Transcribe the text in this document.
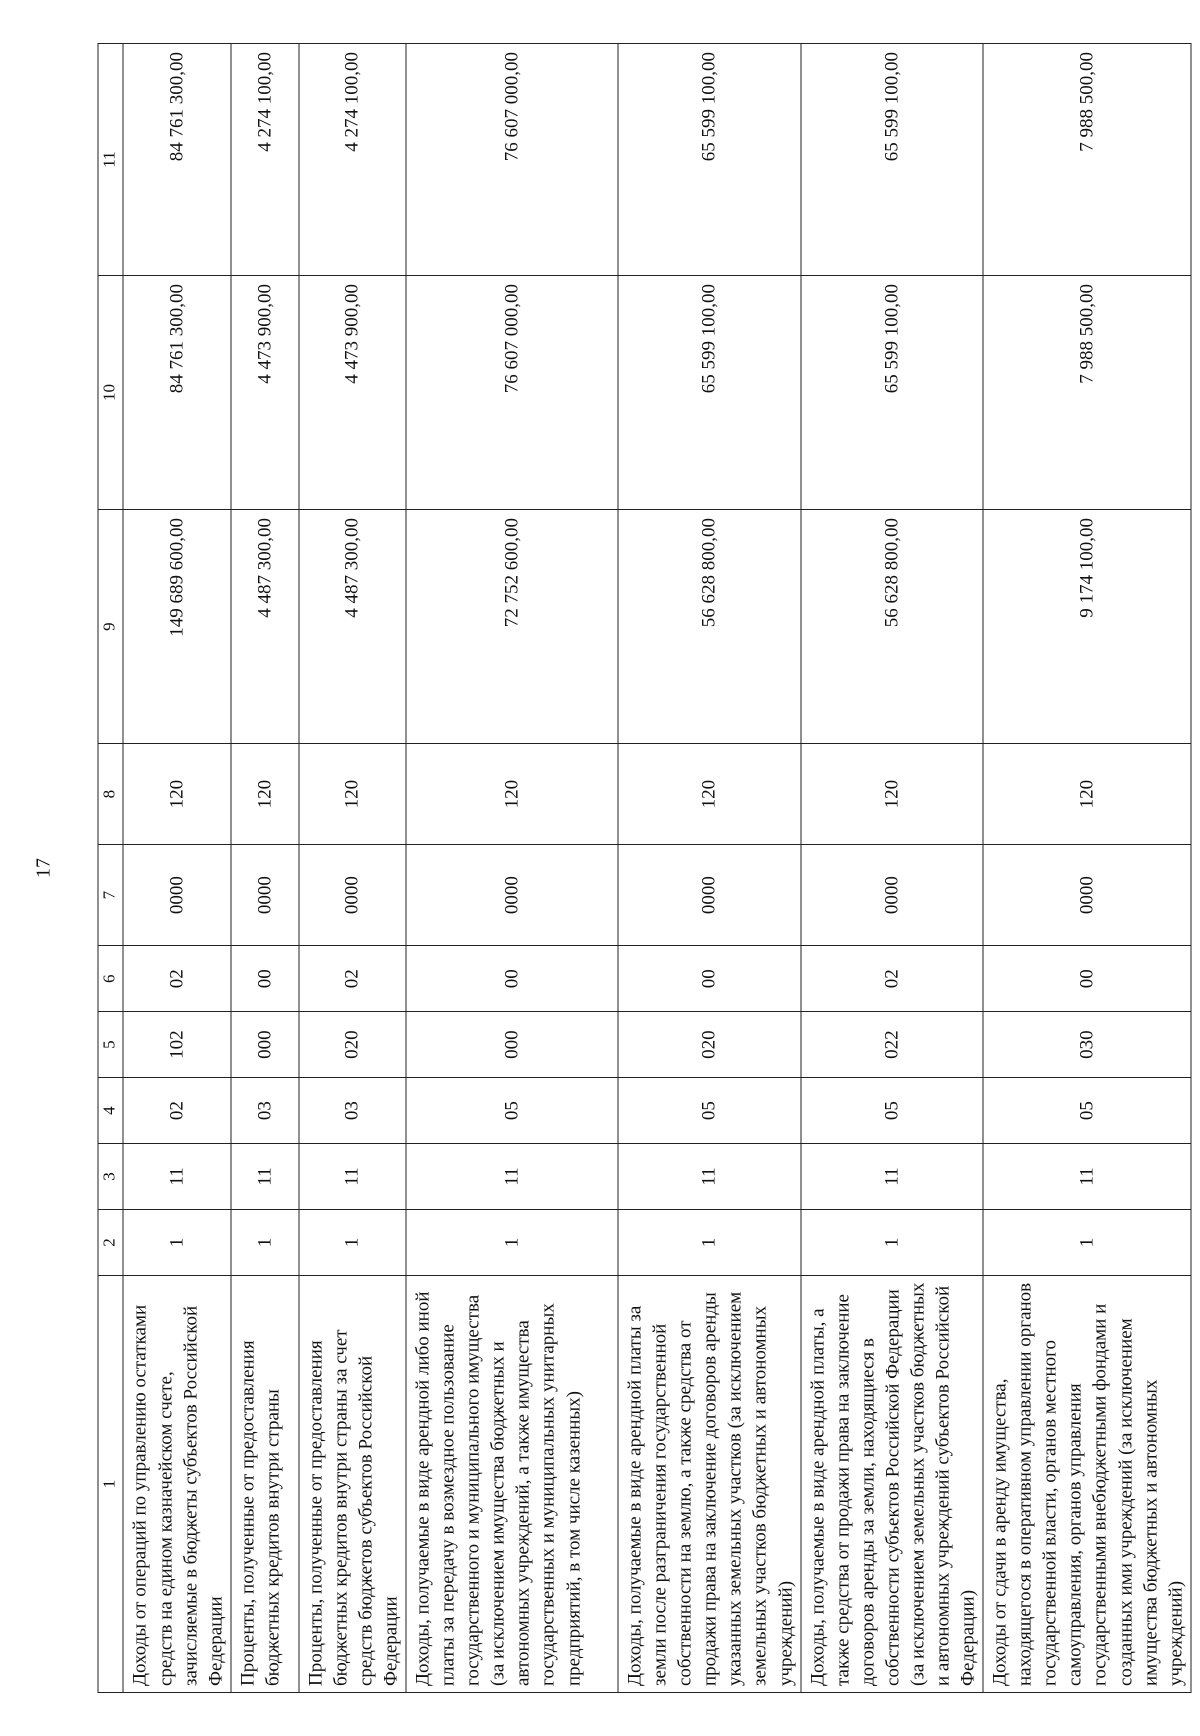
17
1	2	3	4	5	6	7	8	9	10	11
Доходы от операций по управлению остатками средств на едином казначейском счете, зачисляемые в бюджеты субъектов Российской Федерации	1	11	02	102	02	0000	120	149 689 600,00	84 761 300,00	84 761 300,00
Проценты, полученные от предоставления бюджетных кредитов внутри страны	1	11	03	000	00	0000	120	4 487 300,00	4 473 900,00	4 274 100,00
Проценты, полученные от предоставления бюджетных кредитов внутри страны за счет средств бюджетов субъектов Российской Федерации	1	11	03	020	02	0000	120	4 487 300,00	4 473 900,00	4 274 100,00
Доходы, получаемые в виде арендной либо иной платы за передачу в возмездное пользование государственного и муниципального имущества (за исключением имущества бюджетных и автономных учреждений, а также имущества государственных и муниципальных унитарных предприятий, в том числе казенных)	1	11	05	000	00	0000	120	72 752 600,00	76 607 000,00	76 607 000,00
Доходы, получаемые в виде арендной платы за земли после разграничения государственной собственности на землю, а также средства от продажи права на заключение договоров аренды указанных земельных участков (за исключением земельных участков бюджетных и автономных учреждений)	1	11	05	020	00	0000	120	56 628 800,00	65 599 100,00	65 599 100,00
Доходы, получаемые в виде арендной платы, а также средства от продажи права на заключение договоров аренды за земли, находящиеся в собственности субъектов Российской Федерации (за исключением земельных участков бюджетных и автономных учреждений субъектов Российской Федерации)	1	11	05	022	02	0000	120	56 628 800,00	65 599 100,00	65 599 100,00
Доходы от сдачи в аренду имущества, находящегося в оперативном управлении органов государственной власти, органов местного самоуправления, органов управления государственными внебюджетными фондами и созданных ими учреждений (за исключением имущества бюджетных и автономных учреждений)	1	11	05	030	00	0000	120	9 174 100,00	7 988 500,00	7 988 500,00
